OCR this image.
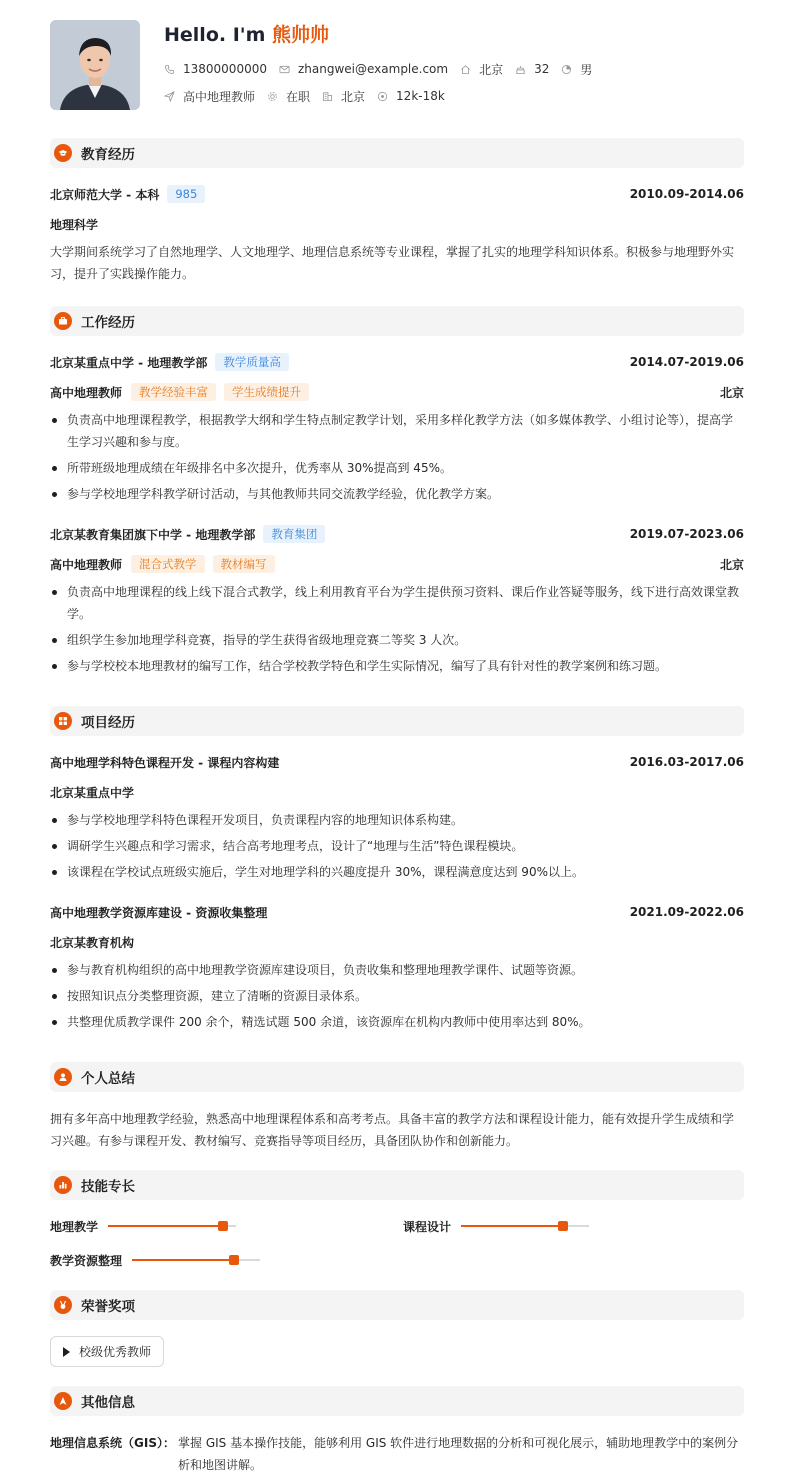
Hello. I'm 熊帅帅
13800000000	zhangwei@example.com	北京	32	男
高中地理教师	在职	北京	12k-18k
教育经历
北京师范大学 - 本科	985	2010.09-2014.06
地理科学
大学期间系统学习了自然地理学、人文地理学、地理信息系统等专业课程，掌握了扎实的地理学科知识体系。积极参与地理野外实习，提升了实践操作能力。
工作经历
北京某重点中学 - 地理教学部	教学质量高	2014.07-2019.06
高中地理教师	教学经验丰富	学生成绩提升	北京
负责高中地理课程教学，根据教学大纲和学生特点制定教学计划，采用多样化教学方法（如多媒体教学、小组讨论等），提高学生学习兴趣和参与度。
所带班级地理成绩在年级排名中多次提升，优秀率从 30%提高到 45%。
参与学校地理学科教学研讨活动，与其他教师共同交流教学经验，优化教学方案。
北京某教育集团旗下中学 - 地理教学部	教育集团	2019.07-2023.06
高中地理教师	混合式教学	教材编写	北京
负责高中地理课程的线上线下混合式教学，线上利用教育平台为学生提供预习资料、课后作业答疑等服务，线下进行高效课堂教学。
组织学生参加地理学科竞赛，指导的学生获得省级地理竞赛二等奖 3 人次。
参与学校校本地理教材的编写工作，结合学校教学特色和学生实际情况，编写了具有针对性的教学案例和练习题。
项目经历
高中地理学科特色课程开发 - 课程内容构建	2016.03-2017.06
北京某重点中学
参与学校地理学科特色课程开发项目，负责课程内容的地理知识体系构建。
调研学生兴趣点和学习需求，结合高考地理考点，设计了“地理与生活”特色课程模块。
该课程在学校试点班级实施后，学生对地理学科的兴趣度提升 30%，课程满意度达到 90%以上。
高中地理教学资源库建设 - 资源收集整理	2021.09-2022.06
北京某教育机构
参与教育机构组织的高中地理教学资源库建设项目，负责收集和整理地理教学课件、试题等资源。
按照知识点分类整理资源，建立了清晰的资源目录体系。
共整理优质教学课件 200 余个，精选试题 500 余道，该资源库在机构内教师中使用率达到 80%。
个人总结
拥有多年高中地理教学经验，熟悉高中地理课程体系和高考考点。具备丰富的教学方法和课程设计能力，能有效提升学生成绩和学习兴趣。有参与课程开发、教材编写、竞赛指导等项目经历，具备团队协作和创新能力。
技能专长
地理教学	课程设计
教学资源整理
荣誉奖项
校级优秀教师
其他信息
地理信息系统（GIS）： 掌握 GIS 基本操作技能，能够利用 GIS 软件进行地理数据的分析和可视化展示，辅助地理教学中的案例分析和地图讲解。
